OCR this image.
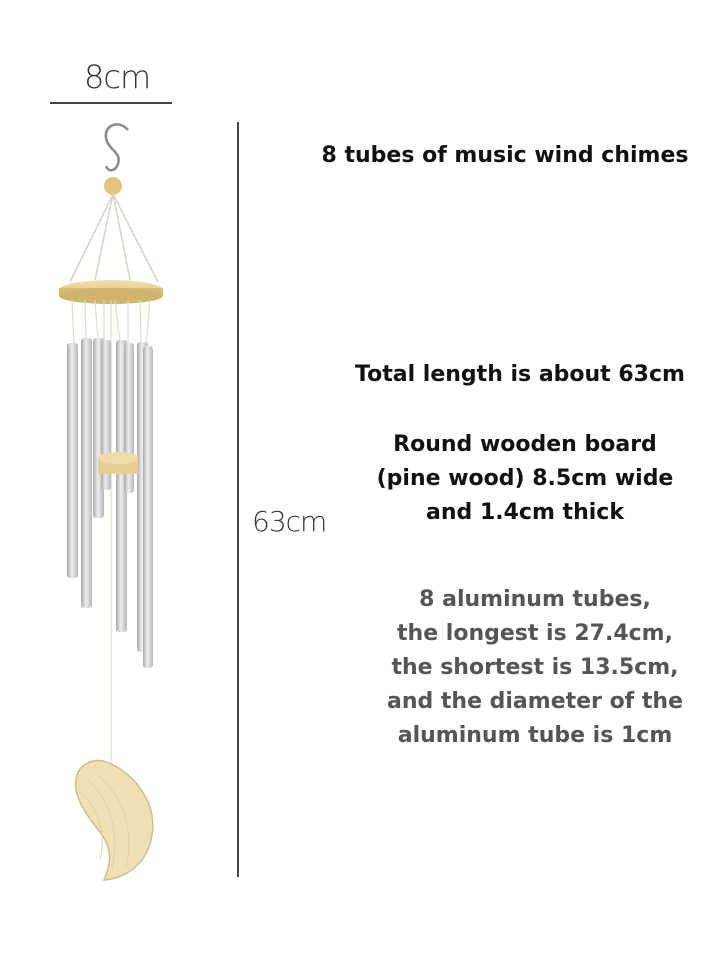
8cm
63cm
8 tubes of music wind chimes
Total length is about 63cm
Round wooden board
(pine wood) 8.5cm wide
and 1.4cm thick
8 aluminum tubes,
the longest is 27.4cm,
the shortest is 13.5cm,
and the diameter of the
aluminum tube is 1cm
